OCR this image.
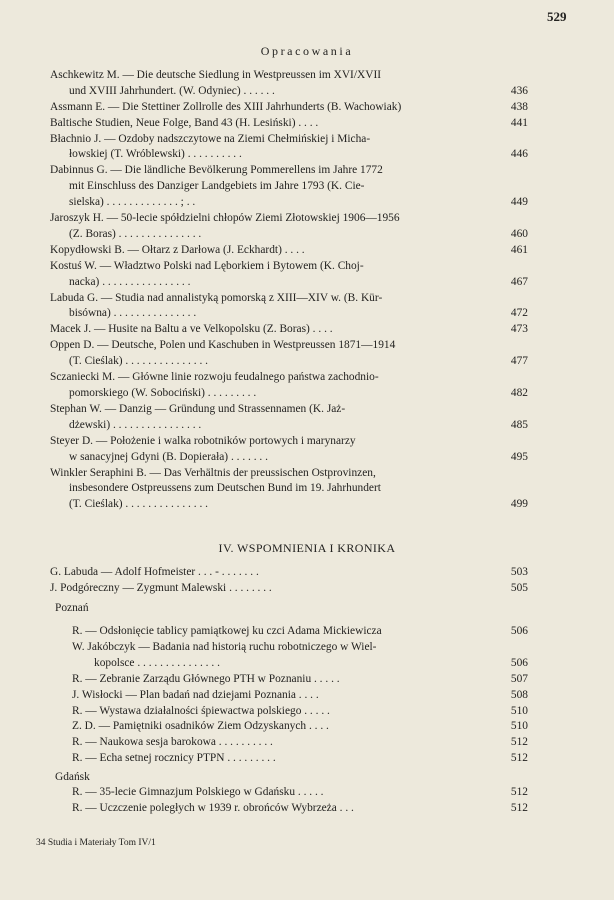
529
Opracowania
Aschkewitz M. — Die deutsche Siedlung in Westpreussen im XVI/XVII
und XVIII Jahrhundert. (W. Odyniec) . . . . . .	436
Assmann E. — Die Stettiner Zollrolle des XIII Jahrhunderts (B. Wachowiak)	438
Baltische Studien, Neue Folge, Band 43 (H. Lesiński) . . . .	441
Błachnio J. — Ozdoby nadszczytowe na Ziemi Chełmińskiej i Micha-
łowskiej (T. Wróblewski) . . . . . . . . . .	446
Dabinnus G. — Die ländliche Bevölkerung Pommerellens im Jahre 1772
mit Einschluss des Danziger Landgebiets im Jahre 1793 (K. Cie-
sielska) . . . . . . . . . . . . . ; . .	449
Jaroszyk H. — 50-lecie spółdzielni chłopów Ziemi Złotowskiej 1906—1956
(Z. Boras) . . . . . . . . . . . . . . .	460
Kopydłowski B. — Ołtarz z Darłowa (J. Eckhardt) . . . .	461
Kostuś W. — Władztwo Polski nad Lęborkiem i Bytowem (K. Choj-
nacka) . . . . . . . . . . . . . . . .	467
Labuda G. — Studia nad annalistyką pomorską z XIII—XIV w. (B. Kür-
bisówna) . . . . . . . . . . . . . . .	472
Macek J. — Husite na Baltu a ve Velkopolsku (Z. Boras) . . . .	473
Oppen D. — Deutsche, Polen und Kaschuben in Westpreussen 1871—1914
(T. Cieślak) . . . . . . . . . . . . . . .	477
Sczaniecki M. — Główne linie rozwoju feudalnego państwa zachodnio-
pomorskiego (W. Sobociński) . . . . . . . . .	482
Stephan W. — Danzig — Gründung und Strassennamen (K. Jaż-
dżewski) . . . . . . . . . . . . . . . .	485
Steyer D. — Położenie i walka robotników portowych i marynarzy
w sanacyjnej Gdyni (B. Dopierała) . . . . . . .	495
Winkler Seraphini B. — Das Verhältnis der preussischen Ostprovinzen,
insbesondere Ostpreussens zum Deutschen Bund im 19. Jahrhundert
(T. Cieślak) . . . . . . . . . . . . . . .	499
IV. WSPOMNIENIA I KRONIKA
G. Labuda — Adolf Hofmeister . . . - . . . . . . .	503
J. Podgóreczny — Zygmunt Malewski . . . . . . . .	505
Poznań
R. — Odsłonięcie tablicy pamiątkowej ku czci Adama Mickiewicza	506
W. Jakóbczyk — Badania nad historią ruchu robotniczego w Wiel-
kopolsce . . . . . . . . . . . . . . .	506
R. — Zebranie Zarządu Głównego PTH w Poznaniu . . . . .	507
J. Wisłocki — Plan badań nad dziejami Poznania . . . .	508
R. — Wystawa działalności śpiewactwa polskiego . . . . .	510
Z. D. — Pamiętniki osadników Ziem Odzyskanych . . . .	510
R. — Naukowa sesja barokowa . . . . . . . . . .	512
R. — Echa setnej rocznicy PTPN . . . . . . . . .	512
Gdańsk
R. — 35-lecie Gimnazjum Polskiego w Gdańsku . . . . .	512
R. — Uczczenie poległych w 1939 r. obrońców Wybrzeża . . .	512
34 Studia i Materiały Tom IV/1
